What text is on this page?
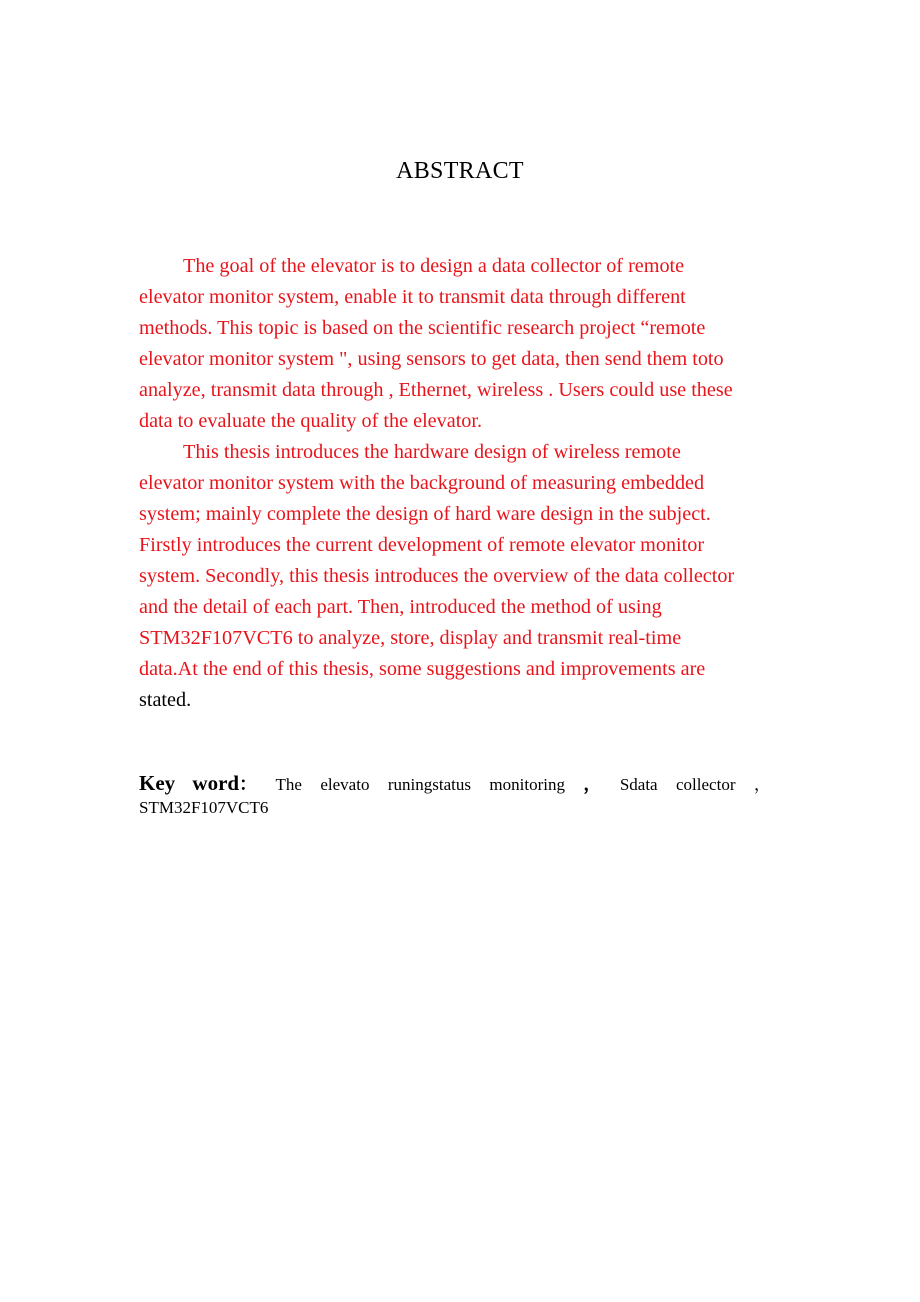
ABSTRACT
The goal of the elevator is to design a data collector of remote
elevator monitor system, enable it to transmit data through different
methods. This topic is based on the scientific research project “remote
elevator monitor system ", using sensors to get data, then send them toto
analyze, transmit data through , Ethernet, wireless . Users could use these
data to evaluate the quality of the elevator.
This thesis introduces the hardware design of wireless remote
elevator monitor system with the background of measuring embedded
system; mainly complete the design of hard ware design in the subject.
Firstly introduces the current development of remote elevator monitor
system. Secondly, this thesis introduces the overview of the data collector
and the detail of each part. Then, introduced the method of using
STM32F107VCT6 to analyze, store, display and transmit real-time
data.At the end of this thesis, some suggestions and improvements are
stated.
Key word： The elevato runingstatus monitoring ， Sdata collector ，
STM32F107VCT6
